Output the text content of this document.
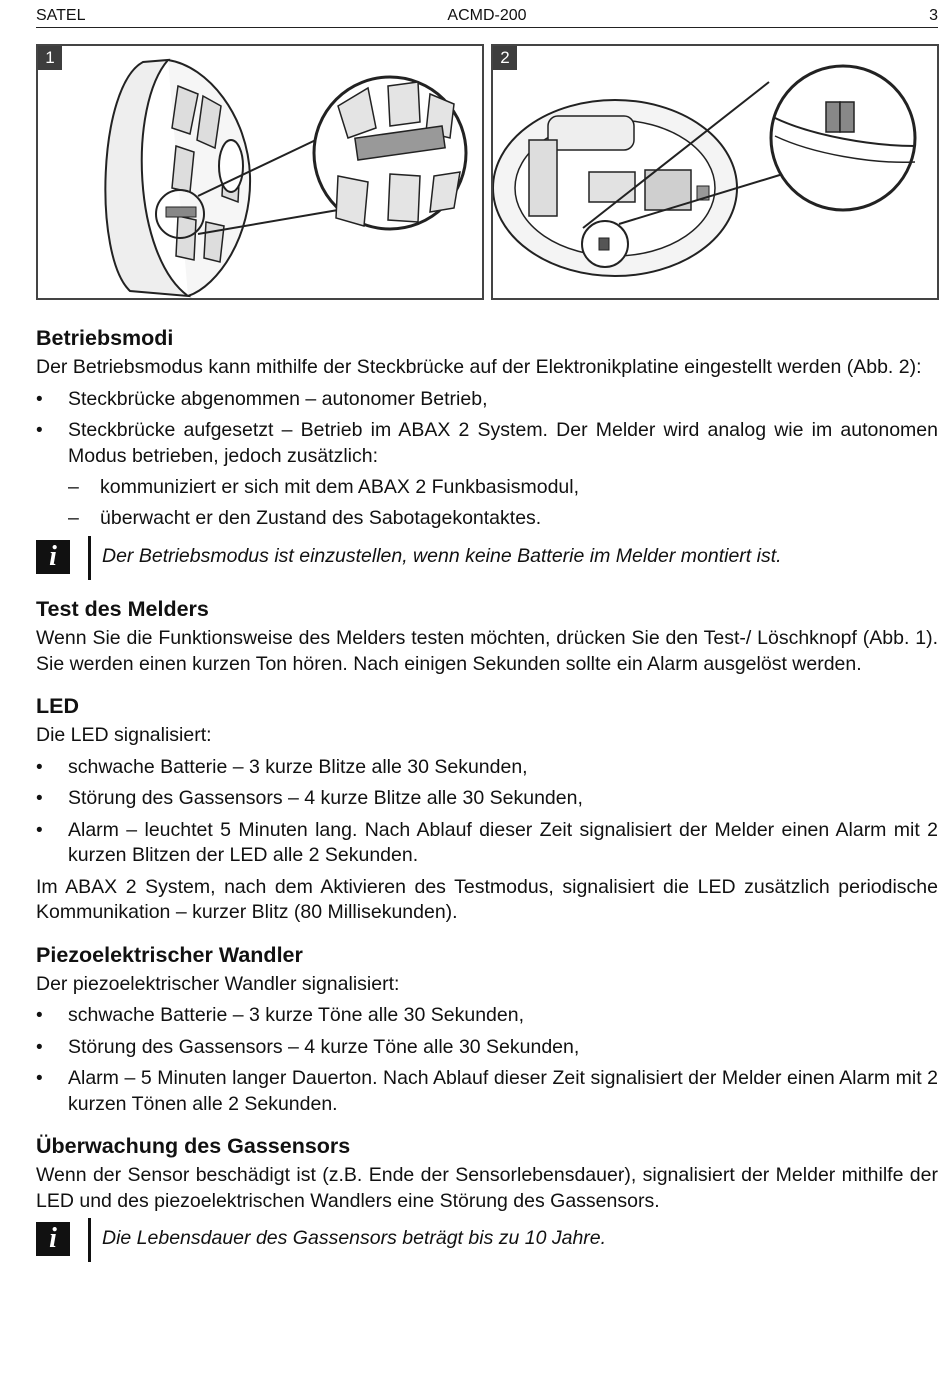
SATEL	ACMD-200	3
1	2
Betriebsmodi

Der Betriebsmodus kann mithilfe der Steckbrücke auf der Elektronikplatine eingestellt werden (Abb. 2):

• Steckbrücke abgenommen – autonomer Betrieb,
• Steckbrücke aufgesetzt – Betrieb im ABAX 2 System. Der Melder wird analog wie im autonomen Modus betrieben, jedoch zusätzlich:
– kommuniziert er sich mit dem ABAX 2 Funkbasismodul,
– überwacht er den Zustand des Sabotagekontaktes.
i	Der Betriebsmodus ist einzustellen, wenn keine Batterie im Melder montiert ist.
Test des Melders

Wenn Sie die Funktionsweise des Melders testen möchten, drücken Sie den Test-/ Löschknopf (Abb. 1). Sie werden einen kurzen Ton hören. Nach einigen Sekunden sollte ein Alarm ausgelöst werden.

LED

Die LED signalisiert:

• schwache Batterie – 3 kurze Blitze alle 30 Sekunden,
• Störung des Gassensors – 4 kurze Blitze alle 30 Sekunden,
• Alarm – leuchtet 5 Minuten lang. Nach Ablauf dieser Zeit signalisiert der Melder einen Alarm mit 2 kurzen Blitzen der LED alle 2 Sekunden.

Im ABAX 2 System, nach dem Aktivieren des Testmodus, signalisiert die LED zusätzlich periodische Kommunikation – kurzer Blitz (80 Millisekunden).

Piezoelektrischer Wandler

Der piezoelektrischer Wandler signalisiert:

• schwache Batterie – 3 kurze Töne alle 30 Sekunden,
• Störung des Gassensors – 4 kurze Töne alle 30 Sekunden,
• Alarm – 5 Minuten langer Dauerton. Nach Ablauf dieser Zeit signalisiert der Melder einen Alarm mit 2 kurzen Tönen alle 2 Sekunden.
Überwachung des Gassensors

Wenn der Sensor beschädigt ist (z.B. Ende der Sensorlebensdauer), signalisiert der Melder mithilfe der LED und des piezoelektrischen Wandlers eine Störung des Gassensors.

i	Die Lebensdauer des Gassensors beträgt bis zu 10 Jahre.
